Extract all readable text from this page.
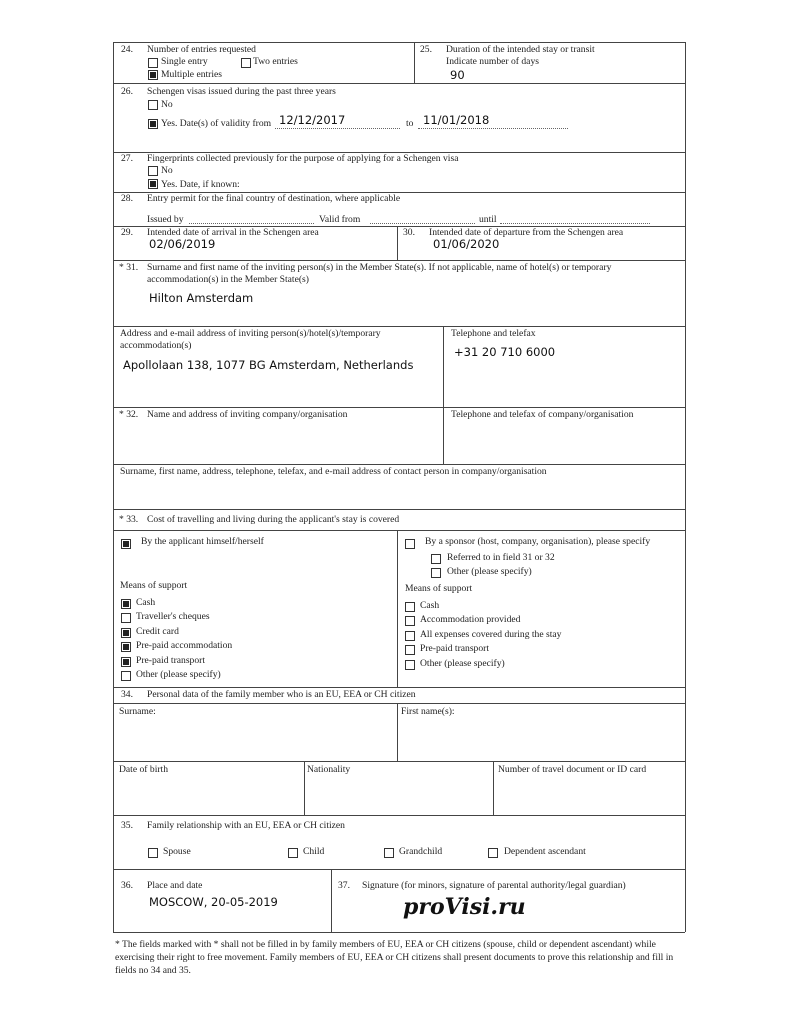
24. Number of entries requested
Single entry	Two entries
Multiple entries
25. Duration of the intended stay or transit
Indicate number of days
90
26. Schengen visas issued during the past three years
No
Yes. Date(s) of validity from 12/12/2017	to 11/01/2018
27. Fingerprints collected previously for the purpose of applying for a Schengen visa
No
Yes. Date, if known:
28. Entry permit for the final country of destination, where applicable
Issued by	Valid from	until
29. Intended date of arrival in the Schengen area
02/06/2019
30. Intended date of departure from the Schengen area
01/06/2020
* 31. Surname and first name of the inviting person(s) in the Member State(s). If not applicable, name of hotel(s) or temporary
accommodation(s) in the Member State(s)
Hilton Amsterdam
Address and e-mail address of inviting person(s)/hotel(s)/temporary
accommodation(s)
Apollolaan 138, 1077 BG Amsterdam, Netherlands
Telephone and telefax
+31 20 710 6000
* 32. Name and address of inviting company/organisation	Telephone and telefax of company/organisation
Surname, first name, address, telephone, telefax, and e-mail address of contact person in company/organisation
* 33. Cost of travelling and living during the applicant's stay is covered
By the applicant himself/herself
Means of support
Cash
Traveller's cheques
Credit card
Pre-paid accommodation
Pre-paid transport
Other (please specify)
By a sponsor (host, company, organisation), please specify
Referred to in field 31 or 32
Other (please specify)
Means of support
Cash
Accommodation provided
All expenses covered during the stay
Pre-paid transport
Other (please specify)
34. Personal data of the family member who is an EU, EEA or CH citizen
Surname:	First name(s):
Date of birth	Nationality	Number of travel document or ID card
35. Family relationship with an EU, EEA or CH citizen
Spouse	Child	Grandchild	Dependent ascendant
36. Place and date
MOSCOW, 20-05-2019
37. Signature (for minors, signature of parental authority/legal guardian)
proVisi.ru
* The fields marked with * shall not be filled in by family members of EU, EEA or CH citizens (spouse, child or dependent ascendant) while exercising their right to free movement. Family members of EU, EEA or CH citizens shall present documents to prove this relationship and fill in fields no 34 and 35.
